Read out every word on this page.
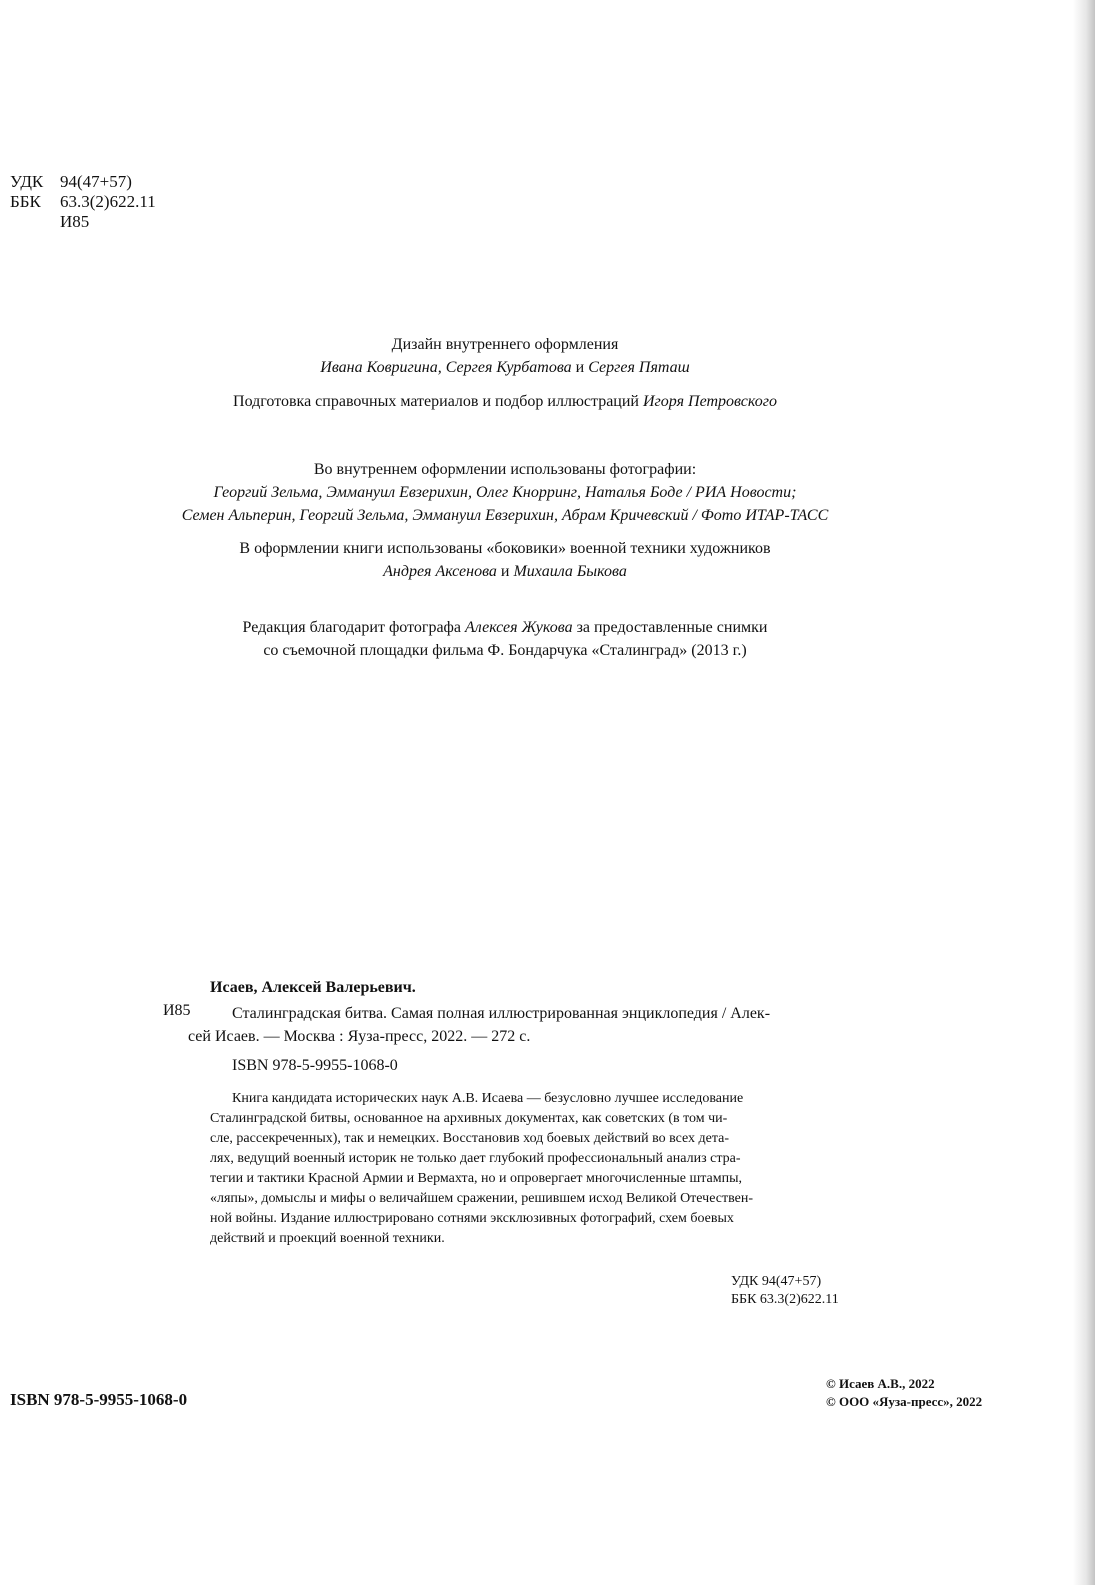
УДК 94(47+57)
ББК	63.3(2)622.11
И85
Дизайн внутреннего оформления
Ивана Ковригина, Сергея Курбатова и Сергея Пяташ
Подготовка справочных материалов и подбор иллюстраций Игоря Петровского
Во внутреннем оформлении использованы фотографии:
Георгий Зельма, Эммануил Евзерихин, Олег Кнорринг, Наталья Боде / РИА Новости;
Семен Альперин, Георгий Зельма, Эммануил Евзерихин, Абрам Кричевский / Фото ИТАР-ТАСС
В оформлении книги использованы «боковики» военной техники художников
Андрея Аксенова и Михаила Быкова
Редакция благодарит фотографа Алексея Жукова за предоставленные снимки
со съемочной площадки фильма Ф. Бондарчука «Сталинград» (2013 г.)
Исаев, Алексей Валерьевич.
И85	Сталинградская битва. Самая полная иллюстрированная энциклопедия / Алек-
сей Исаев. — Москва : Яуза-пресс, 2022. — 272 с.
ISBN 978-5-9955-1068-0
Книга кандидата исторических наук А.В. Исаева — безусловно лучшее исследование
Сталинградской битвы, основанное на архивных документах, как советских (в том чи-
сле, рассекреченных), так и немецких. Восстановив ход боевых действий во всех дета-
лях, ведущий военный историк не только дает глубокий профессиональный анализ стра-
тегии и тактики Красной Армии и Вермахта, но и опровергает многочисленные штампы,
«ляпы», домыслы и мифы о величайшем сражении, решившем исход Великой Отечествен-
ной войны. Издание иллюстрировано сотнями эксклюзивных фотографий, схем боевых
действий и проекций военной техники.
УДК 94(47+57)
ББК 63.3(2)622.11
ISBN 978-5-9955-1068-0
© Исаев А.В., 2022
© ООО «Яуза-пресс», 2022
